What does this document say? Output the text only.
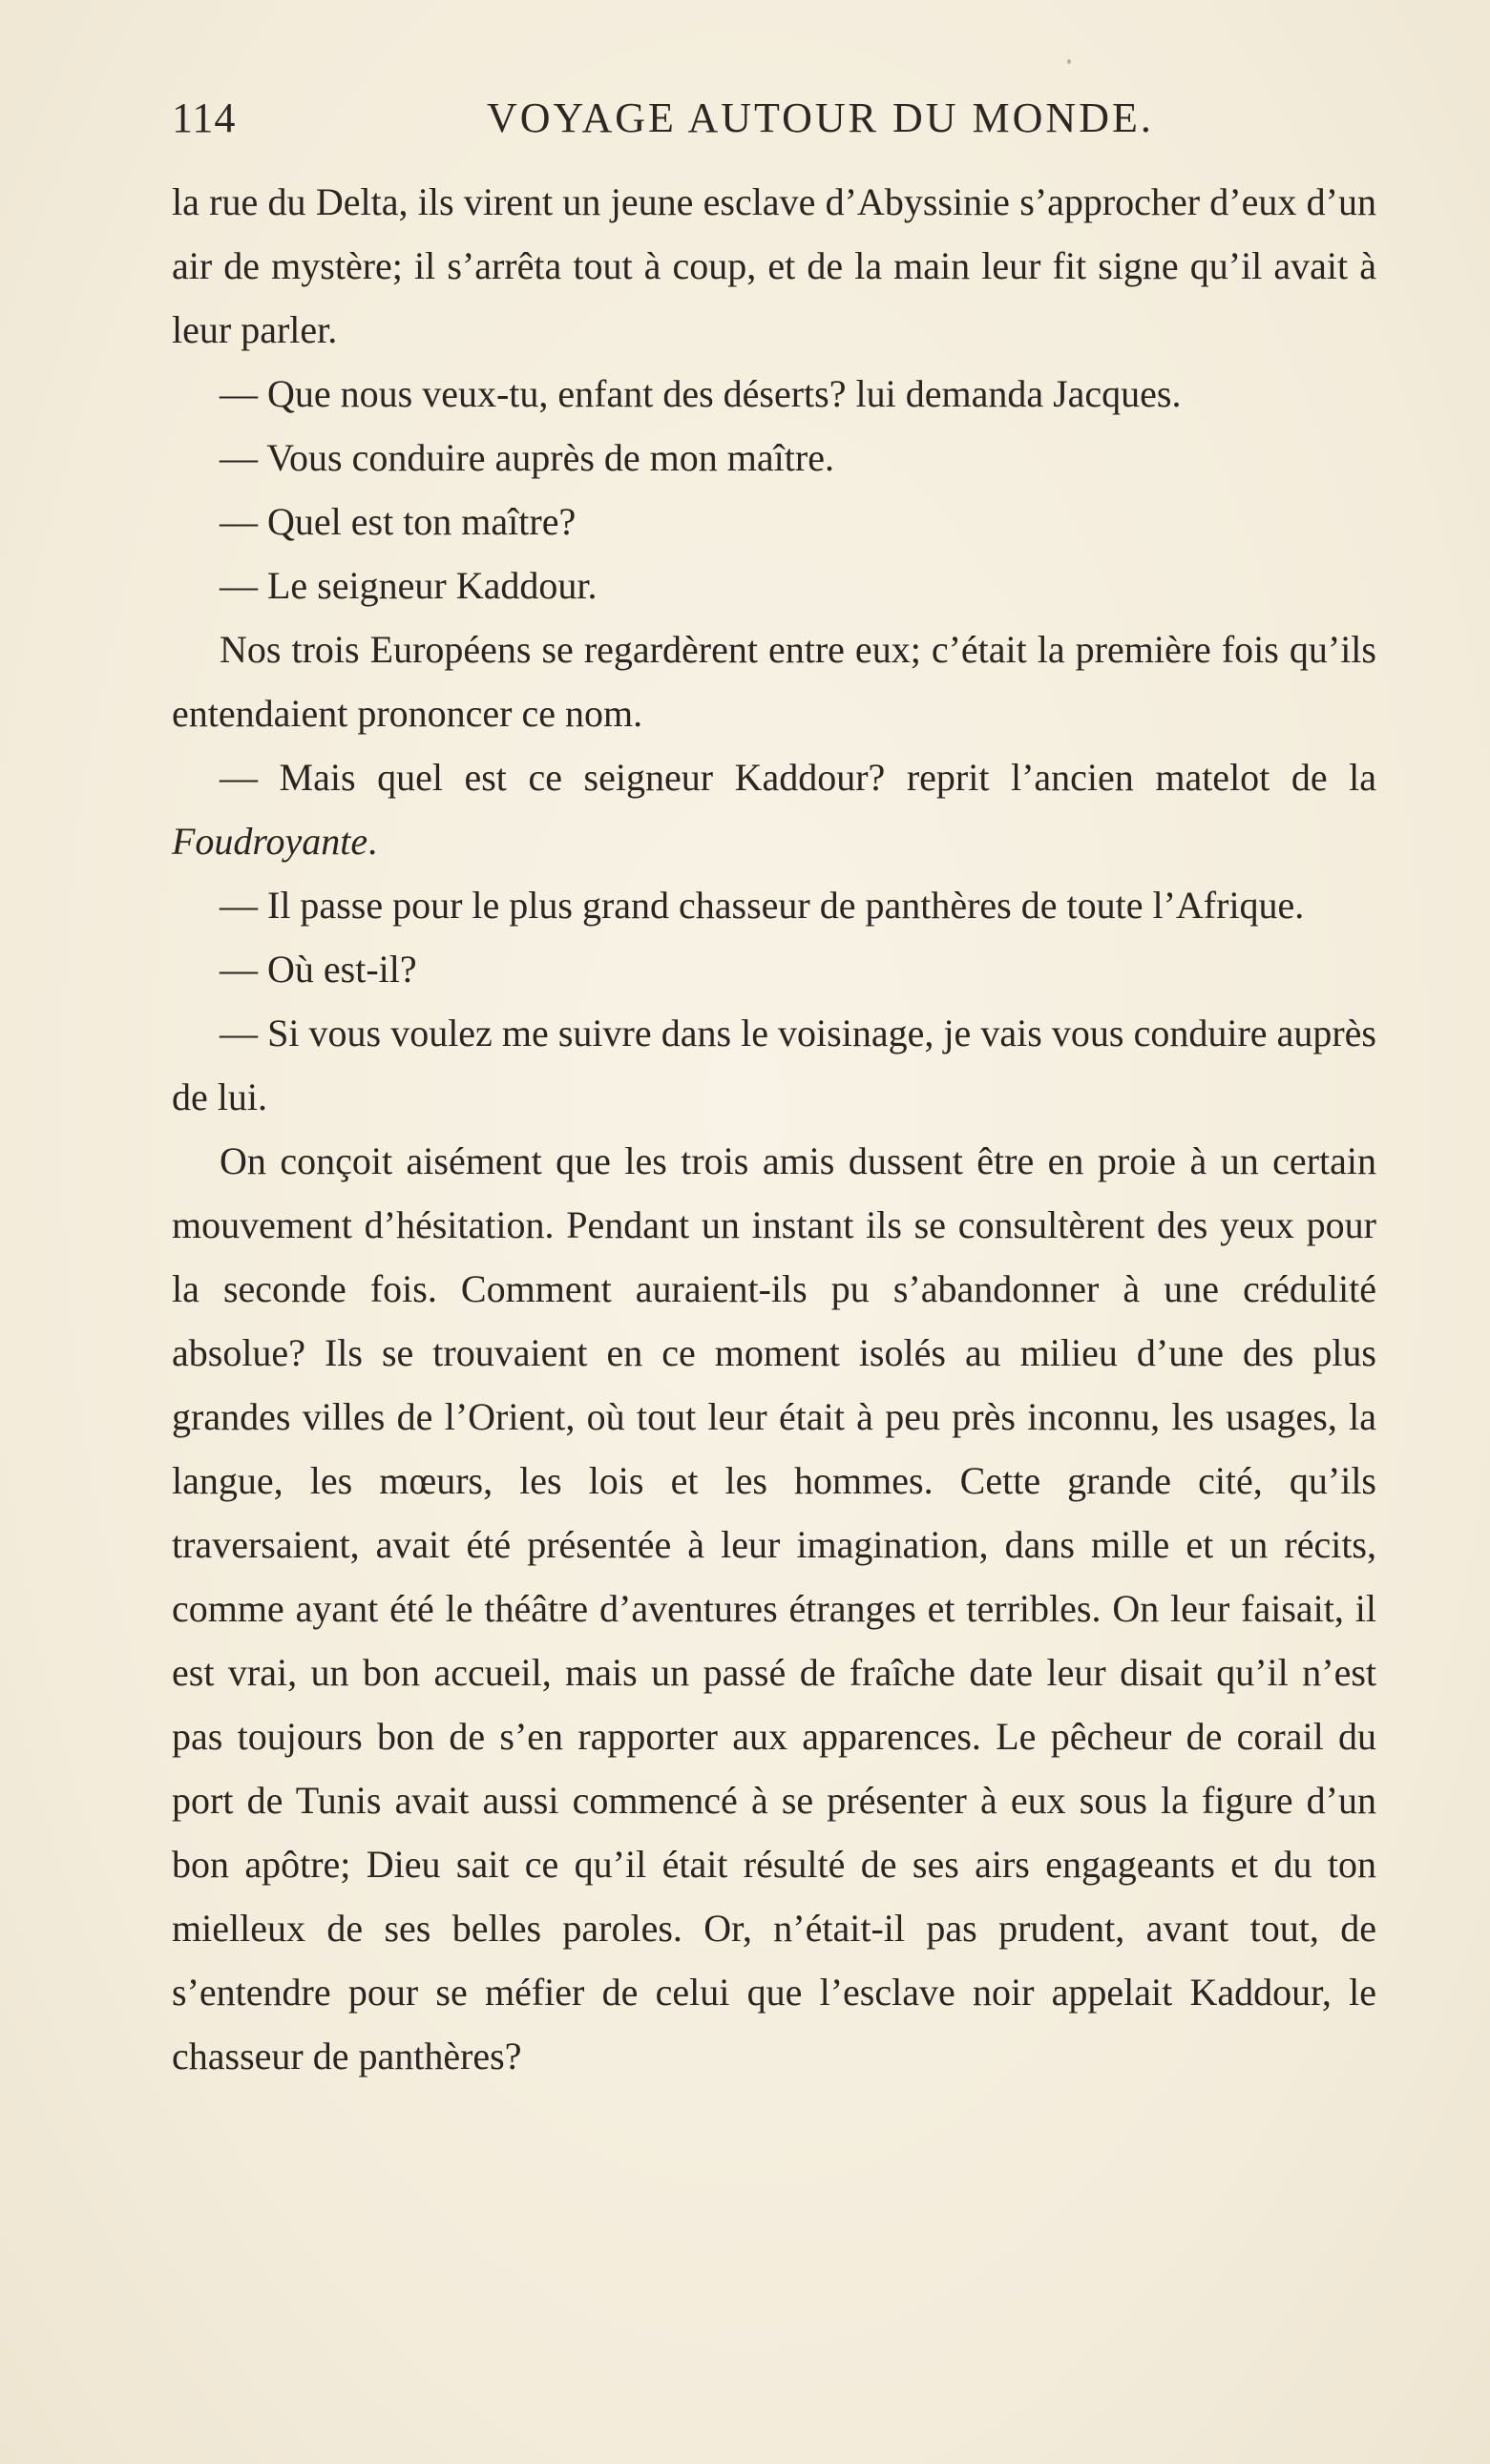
114	VOYAGE AUTOUR DU MONDE.

la rue du Delta, ils virent un jeune esclave d’Abyssinie s’approcher d’eux d’un air de mystère; il s’arrêta tout à coup, et de la main leur fit signe qu’il avait à leur parler.

— Que nous veux-tu, enfant des déserts? lui demanda Jacques.

— Vous conduire auprès de mon maître.

— Quel est ton maître?

— Le seigneur Kaddour.

Nos trois Européens se regardèrent entre eux; c’était la première fois qu’ils entendaient prononcer ce nom.

— Mais quel est ce seigneur Kaddour? reprit l’ancien matelot de la Foudroyante.

— Il passe pour le plus grand chasseur de panthères de toute l’Afrique.

— Où est-il?

— Si vous voulez me suivre dans le voisinage, je vais vous conduire auprès de lui.

On conçoit aisément que les trois amis dussent être en proie à un certain mouvement d’hésitation. Pendant un instant ils se consultèrent des yeux pour la seconde fois. Comment auraient-ils pu s’abandonner à une crédulité absolue? Ils se trouvaient en ce moment isolés au milieu d’une des plus grandes villes de l’Orient, où tout leur était à peu près inconnu, les usages, la langue, les mœurs, les lois et les hommes. Cette grande cité, qu’ils traversaient, avait été présentée à leur imagination, dans mille et un récits, comme ayant été le théâtre d’aventures étranges et terribles. On leur faisait, il est vrai, un bon accueil, mais un passé de fraîche date leur disait qu’il n’est pas toujours bon de s’en rapporter aux apparences. Le pêcheur de corail du port de Tunis avait aussi commencé à se présenter à eux sous la figure d’un bon apôtre; Dieu sait ce qu’il était résulté de ses airs engageants et du ton mielleux de ses belles paroles. Or, n’était-il pas prudent, avant tout, de s’entendre pour se méfier de celui que l’esclave noir appelait Kaddour, le chasseur de panthères?
